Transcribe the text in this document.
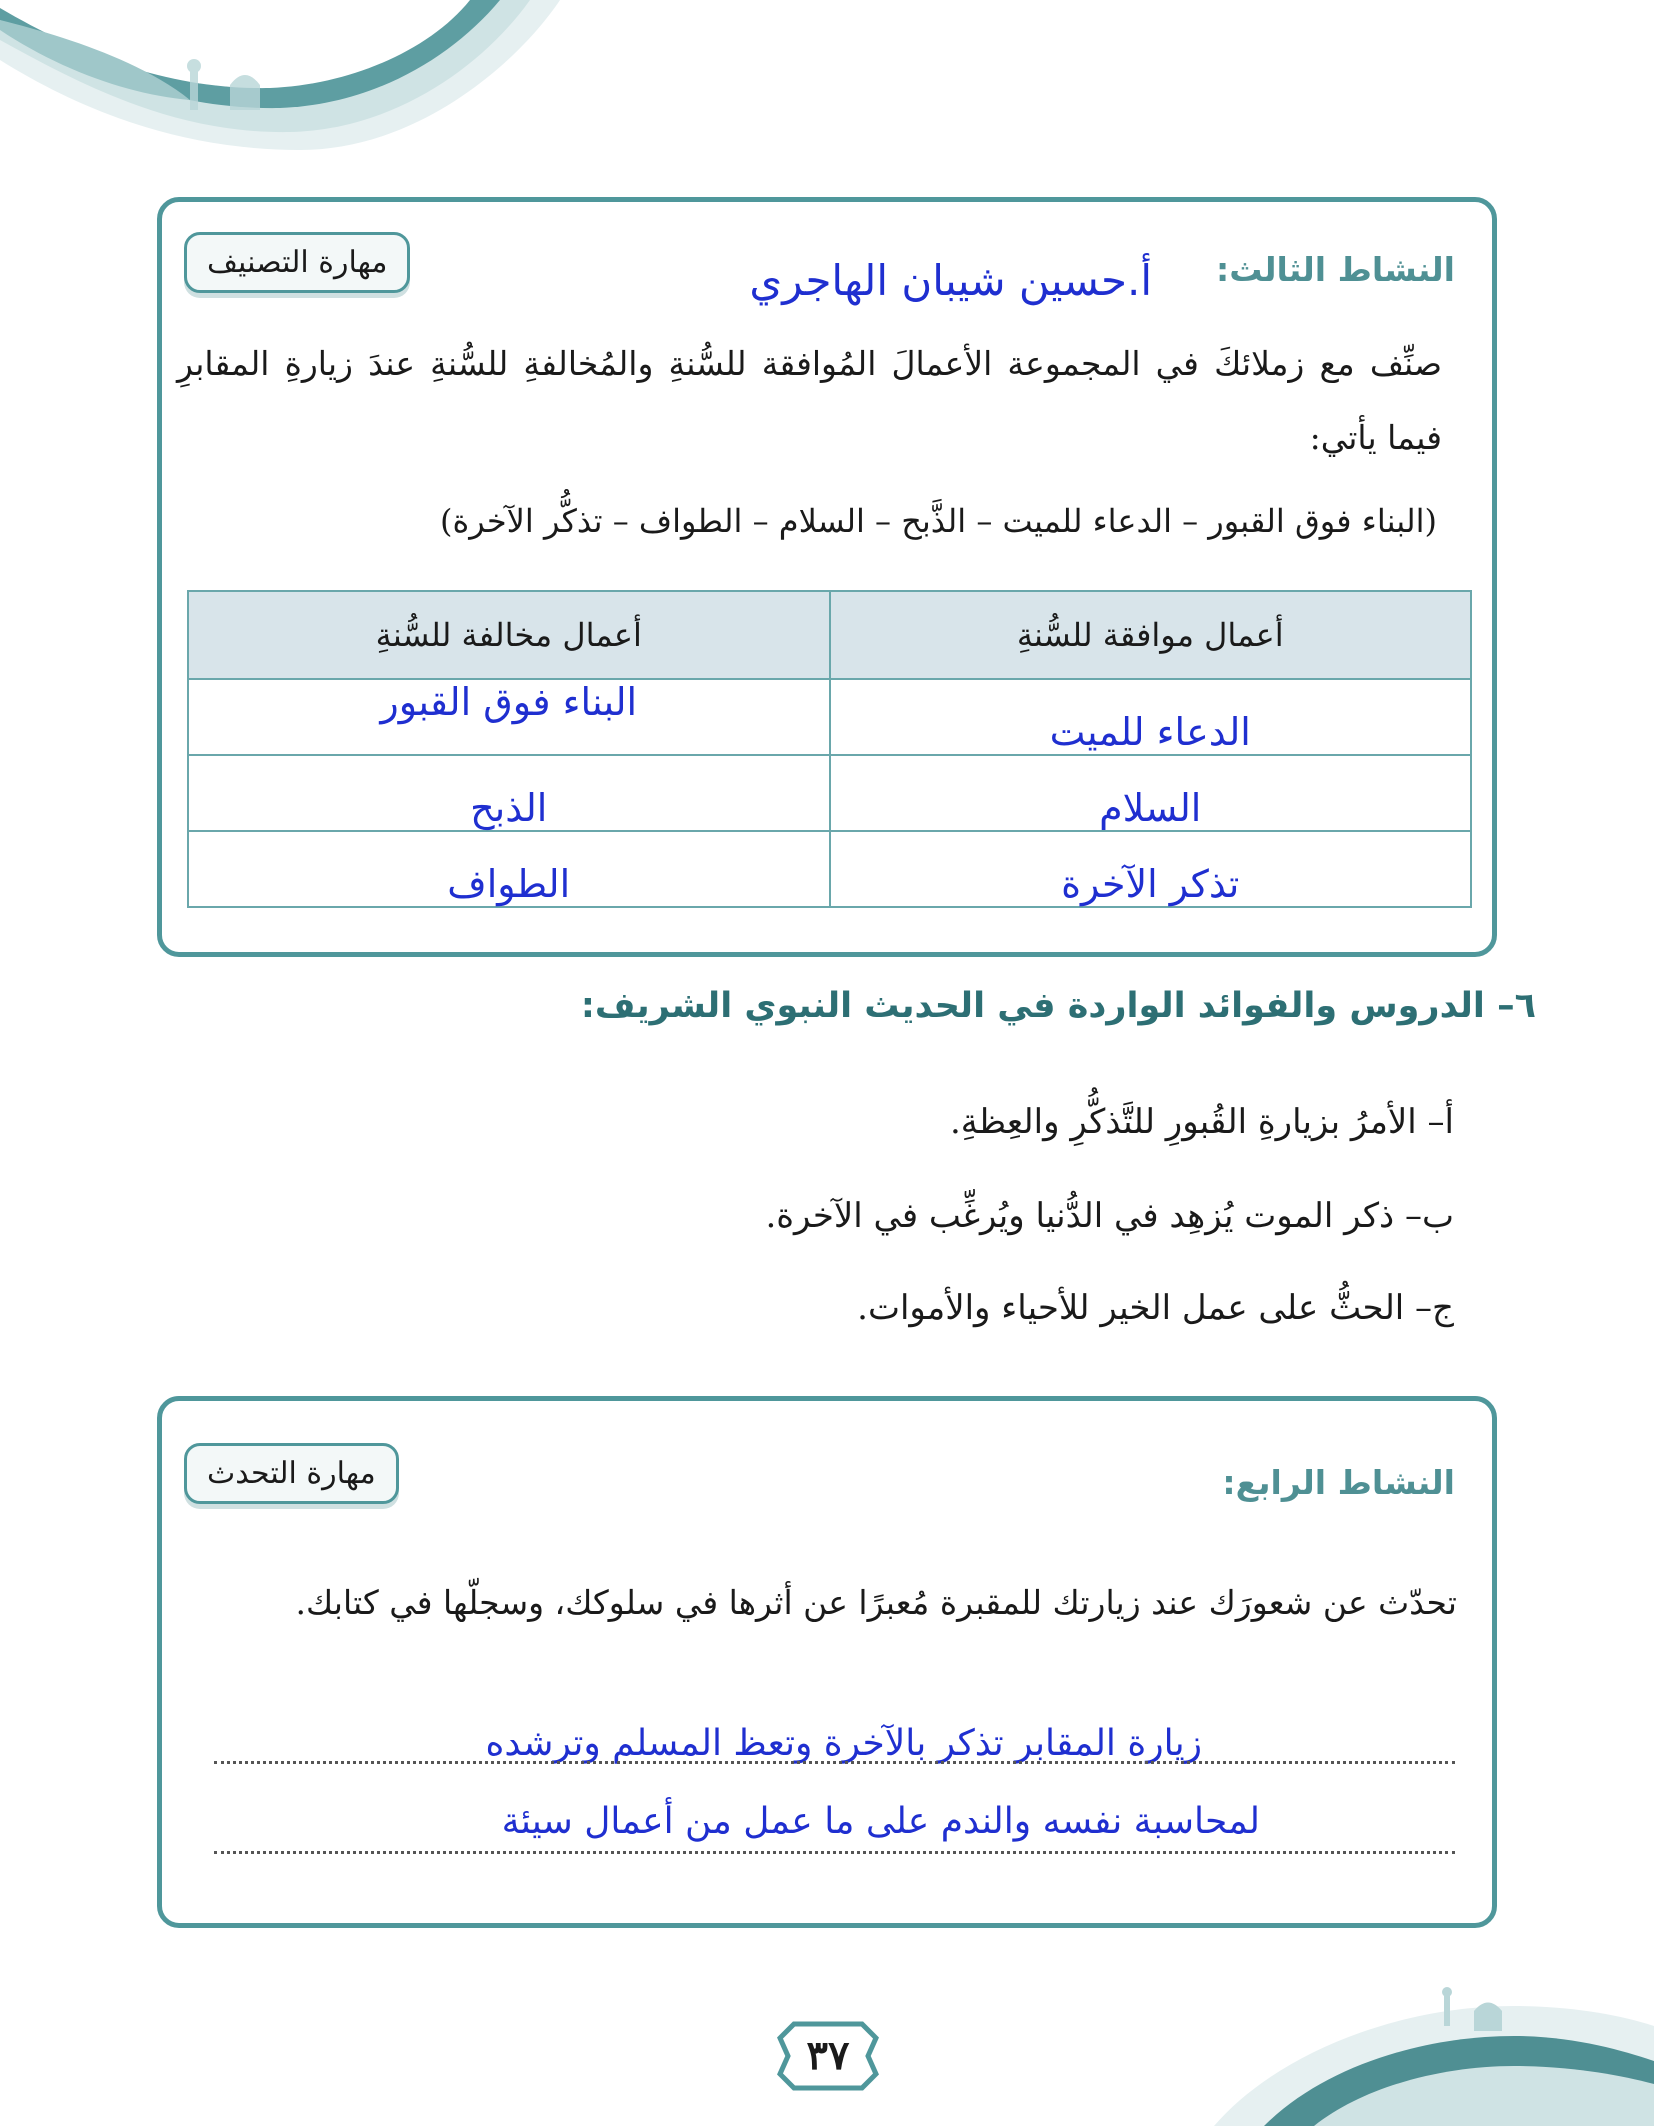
النشاط الثالث:
أ.حسين شيبان الهاجري
مهارة التصنيف
صنِّف مع زملائكَ في المجموعة الأعمالَ المُوافقة للسُّنةِ والمُخالفةِ للسُّنةِ عندَ زيارةِ المقابرِ فيما يأتي:
(البناء فوق القبور – الدعاء للميت – الذَّبح – السلام – الطواف – تذكُّر الآخرة)
أعمال موافقة للسُّنةِ	أعمال مخالفة للسُّنةِ
الدعاء للميت	البناء فوق القبور
السلام	الذبح
تذكر الآخرة	الطواف
٦– الدروس والفوائد الواردة في الحديث النبوي الشريف:
أ– الأمرُ بزيارةِ القُبورِ للتَّذكُّرِ والعِظةِ.
ب– ذكر الموت يُزهِد في الدُّنيا ويُرغِّب في الآخرة.
ج– الحثُّ على عمل الخير للأحياء والأموات.
النشاط الرابع:
مهارة التحدث
تحدّث عن شعورَك عند زيارتك للمقبرة مُعبرًا عن أثرها في سلوكك، وسجلّها في كتابك.
زيارة المقابر تذكر بالآخرة وتعظ المسلم وترشده
لمحاسبة نفسه والندم على ما عمل من أعمال سيئة
٣٧
